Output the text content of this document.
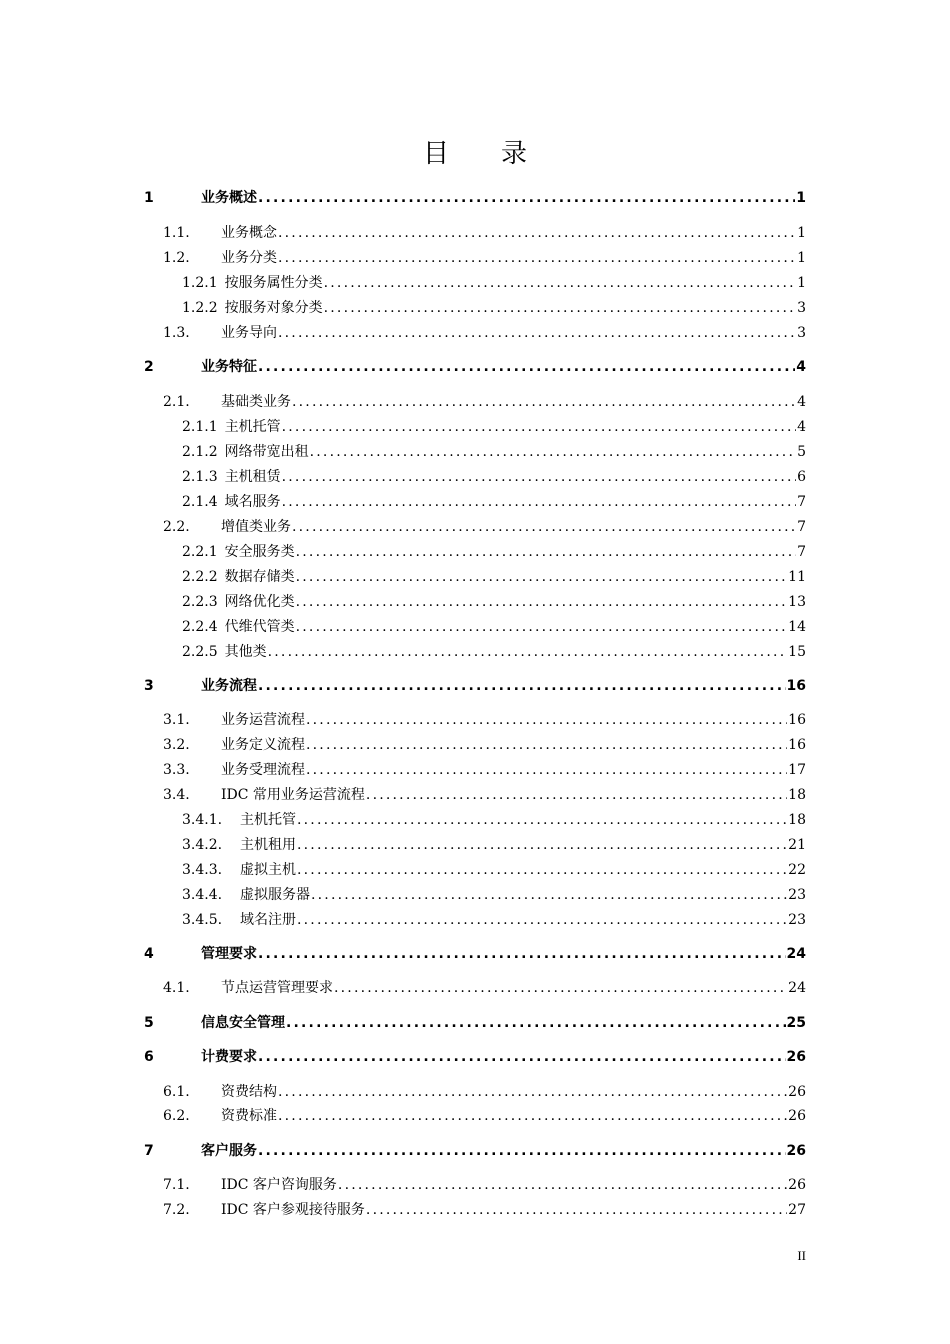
目 录
1	业务概述 .....	1
1.1.	业务概念 .....	1
1.2.	业务分类 .....	1
1.2.1 按服务属性分类 .....	1
1.2.2 按服务对象分类 .....	3
1.3.	业务导向 .....	3
2	业务特征 .....	4
2.1.	基础类业务 .....	4
2.1.1 主机托管 .....	4
2.1.2 网络带宽出租 .....	5
2.1.3 主机租赁 .....	6
2.1.4 域名服务 .....	7
2.2.	增值类业务 .....	7
2.2.1 安全服务类 .....	7
2.2.2 数据存储类 .....	11
2.2.3 网络优化类 .....	13
2.2.4 代维代管类 .....	14
2.2.5 其他类 .....	15
3	业务流程 .....	16
3.1.	业务运营流程 .....	16
3.2.	业务定义流程 .....	16
3.3.	业务受理流程 .....	17
3.4.	IDC 常用业务运营流程 .....	18
3.4.1.	主机托管 .....	18
3.4.2.	主机租用 .....	21
3.4.3.	虚拟主机 .....	22
3.4.4.	虚拟服务器 .....	23
3.4.5.	域名注册 .....	23
4	管理要求 .....	24
4.1.	节点运营管理要求 .....	24
5	信息安全管理 .....	25
6	计费要求 .....	26
6.1.	资费结构 .....	26
6.2.	资费标准 .....	26
7	客户服务 .....	26
7.1.	IDC 客户咨询服务 .....	26
7.2.	IDC 客户参观接待服务 .....	27
II
